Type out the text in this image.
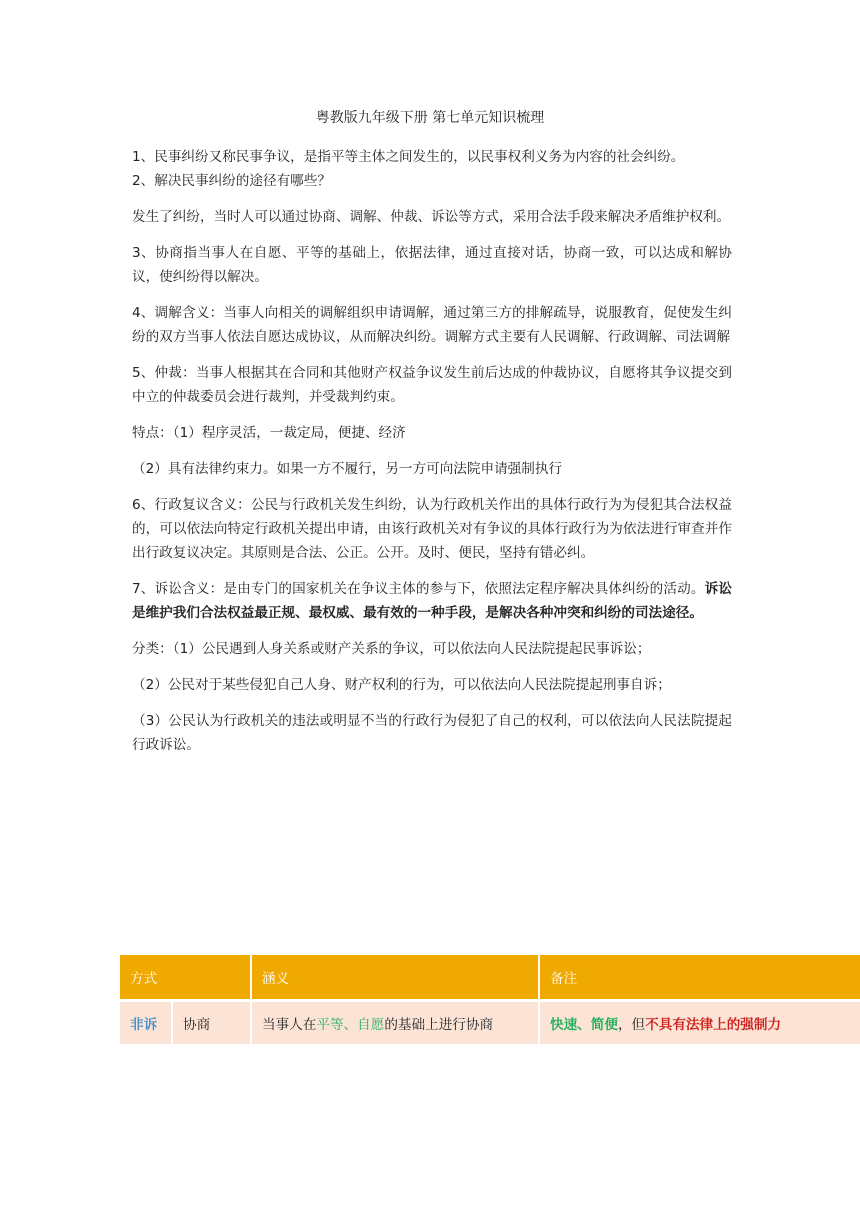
粤教版九年级下册 第七单元知识梳理

1、民事纠纷又称民事争议，是指平等主体之间发生的，以民事权利义务为内容的社会纠纷。

2、解决民事纠纷的途径有哪些？

发生了纠纷，当时人可以通过协商、调解、仲裁、诉讼等方式，采用合法手段来解决矛盾维护权利。

3、协商指当事人在自愿、平等的基础上，依据法律，通过直接对话，协商一致，可以达成和解协议，使纠纷得以解决。

4、调解含义：当事人向相关的调解组织申请调解，通过第三方的排解疏导，说服教育，促使发生纠纷的双方当事人依法自愿达成协议，从而解决纠纷。调解方式主要有人民调解、行政调解、司法调解

5、仲裁：当事人根据其在合同和其他财产权益争议发生前后达成的仲裁协议，自愿将其争议提交到中立的仲裁委员会进行裁判，并受裁判约束。

特点：（1）程序灵活，一裁定局，便捷、经济

（2）具有法律约束力。如果一方不履行，另一方可向法院申请强制执行

6、行政复议含义：公民与行政机关发生纠纷，认为行政机关作出的具体行政行为为侵犯其合法权益的，可以依法向特定行政机关提出申请，由该行政机关对有争议的具体行政行为为依法进行审查并作出行政复议决定。其原则是合法、公正。公开。及时、便民，坚持有错必纠。

7、诉讼含义：是由专门的国家机关在争议主体的参与下，依照法定程序解决具体纠纷的活动。诉讼是维护我们合法权益最正规、最权威、最有效的一种手段，是解决各种冲突和纠纷的司法途径。

分类：（1）公民遇到人身关系或财产关系的争议，可以依法向人民法院提起民事诉讼；

（2）公民对于某些侵犯自己人身、财产权利的行为，可以依法向人民法院提起刑事自诉；

（3）公民认为行政机关的违法或明显不当的行政行为侵犯了自己的权利，可以依法向人民法院提起行政诉讼。

方式		涵义	备注
非诉	协商	当事人在平等、自愿的基础上进行协商	快速、简便，但不具有法律上的强制力
